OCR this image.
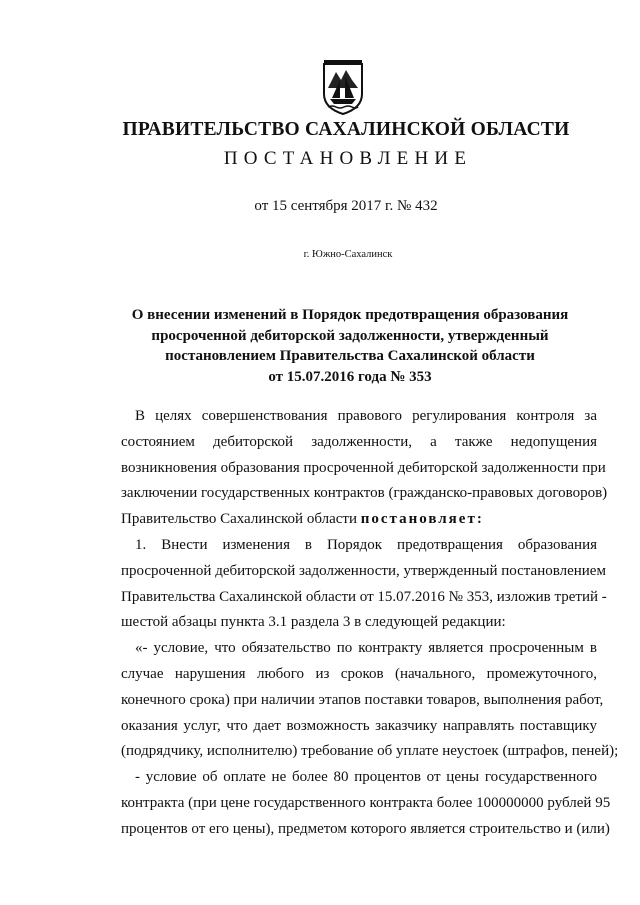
ПРАВИТЕЛЬСТВО САХАЛИНСКОЙ ОБЛАСТИ
ПОСТАНОВЛЕНИЕ
от 15 сентября 2017 г. № 432
г. Южно-Сахалинск
О внесении изменений в Порядок предотвращения образования
просроченной дебиторской задолженности, утвержденный
постановлением Правительства Сахалинской области
от 15.07.2016 года № 353

В целях совершенствования правового регулирования контроля за
состоянием дебиторской задолженности, а также недопущения
возникновения образования просроченной дебиторской задолженности при
заключении государственных контрактов (гражданско-правовых договоров)
Правительство Сахалинской области постановляет:

1. Внести изменения в Порядок предотвращения образования
просроченной дебиторской задолженности, утвержденный постановлением
Правительства Сахалинской области от 15.07.2016 № 353, изложив третий -
шестой абзацы пункта 3.1 раздела 3 в следующей редакции:

«- условие, что обязательство по контракту является просроченным в
случае нарушения любого из сроков (начального, промежуточного,
конечного срока) при наличии этапов поставки товаров, выполнения работ,
оказания услуг, что дает возможность заказчику направлять поставщику
(подрядчику, исполнителю) требование об уплате неустоек (штрафов, пеней);

- условие об оплате не более 80 процентов от цены государственного
контракта (при цене государственного контракта более 100000000 рублей 95
процентов от его цены), предметом которого является строительство и (или)
